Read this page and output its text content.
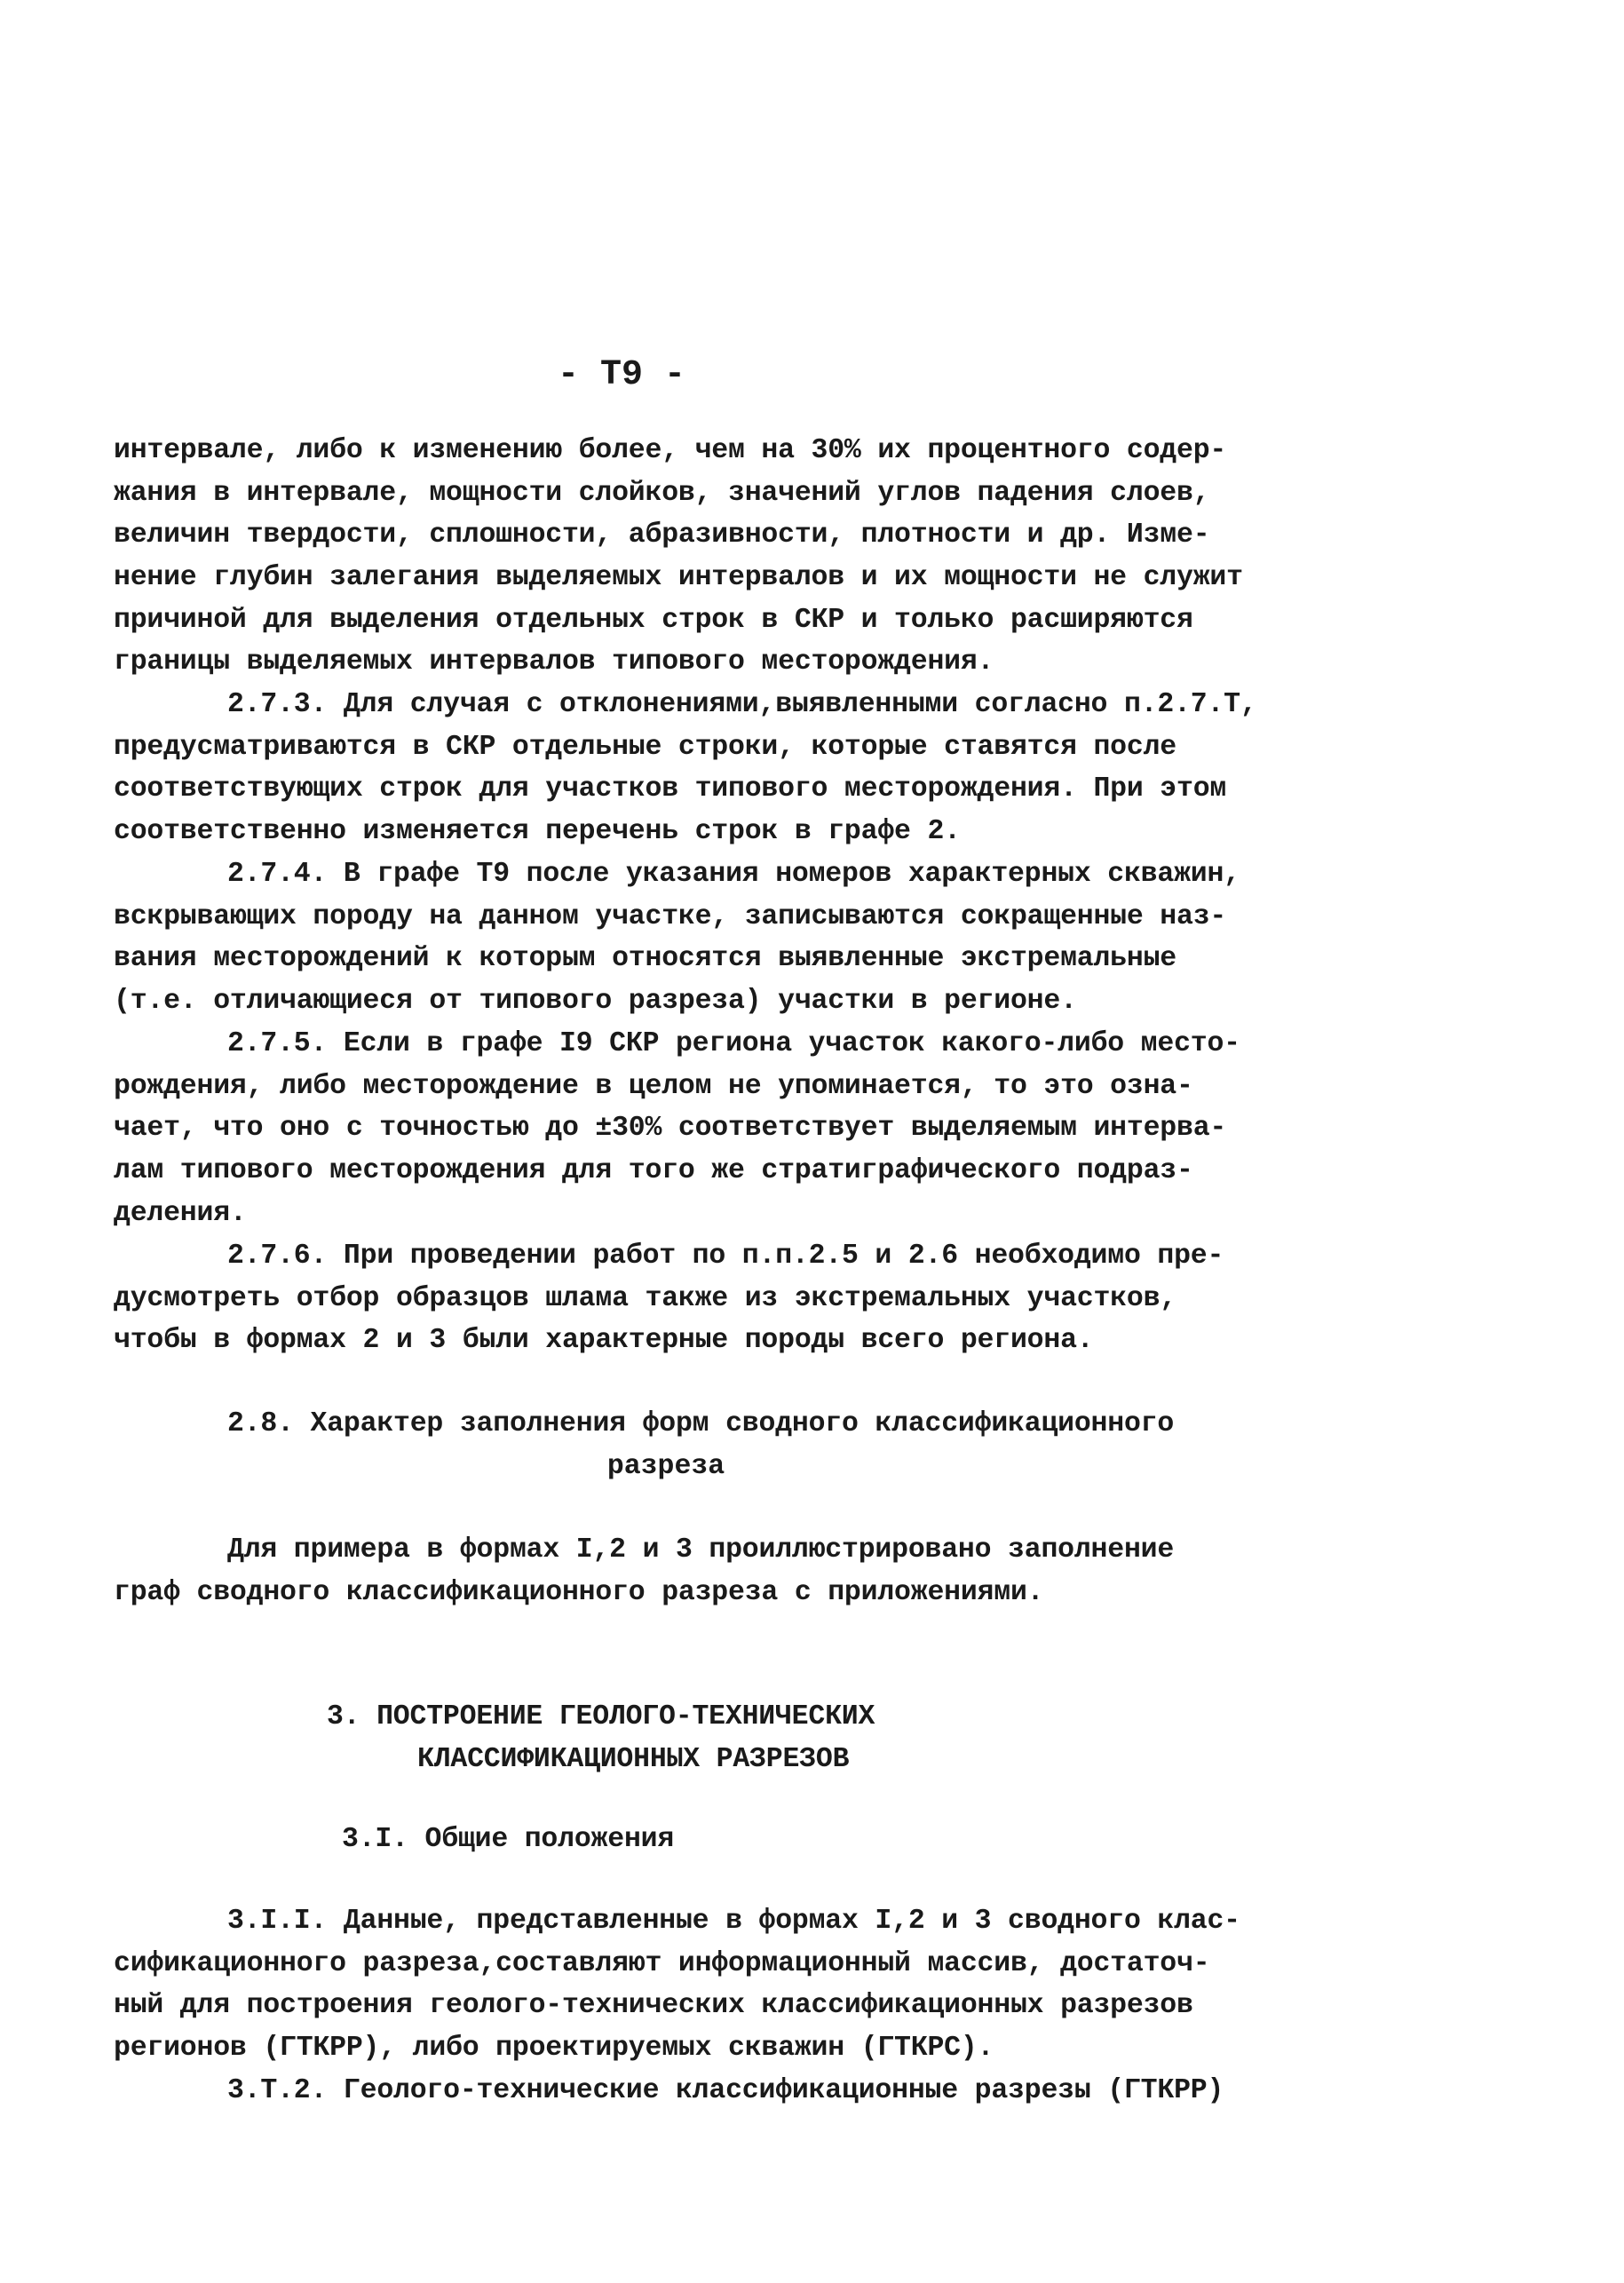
- Т9 -
интервале, либо к изменению более, чем на 30% их процентного содер-
жания в интервале, мощности слойков, значений углов падения слоев,
величин твердости, сплошности, абразивности, плотности и др. Изме-
нение глубин залегания выделяемых интервалов и их мощности не служит
причиной для выделения отдельных строк в СКР и только расширяются
границы выделяемых интервалов типового месторождения.
2.7.3. Для случая с отклонениями,выявленными согласно п.2.7.Т,
предусматриваются в СКР отдельные строки, которые ставятся после
соответствующих строк для участков типового месторождения. При этом
соответственно изменяется перечень строк в графе 2.
2.7.4. В графе Т9 после указания номеров характерных скважин,
вскрывающих породу на данном участке, записываются сокращенные наз-
вания месторождений к которым относятся выявленные экстремальные
(т.е. отличающиеся от типового разреза) участки в регионе.
2.7.5. Если в графе I9 СКР региона участок какого-либо место-
рождения, либо месторождение в целом не упоминается, то это озна-
чает, что оно с точностью до ±30% соответствует выделяемым интерва-
лам типового месторождения для того же стратиграфического подраз-
деления.
2.7.6. При проведении работ по п.п.2.5 и 2.6 необходимо пре-
дусмотреть отбор образцов шлама также из экстремальных участков,
чтобы в формах 2 и 3 были характерные породы всего региона.
2.8. Характер заполнения форм сводного классификационного
разреза
Для примера в формах I,2 и 3 проиллюстрировано заполнение
граф сводного классификационного разреза с приложениями.
3. ПОСТРОЕНИЕ ГЕОЛОГО-ТЕХНИЧЕСКИХ
КЛАССИФИКАЦИОННЫХ РАЗРЕЗОВ
3.I. Общие положения
3.I.I. Данные, представленные в формах I,2 и 3 сводного клас-
сификационного разреза,составляют информационный массив, достаточ-
ный для построения геолого-технических классификационных разрезов
регионов (ГТКРР), либо проектируемых скважин (ГТКРС).
3.Т.2. Геолого-технические классификационные разрезы (ГТКРР)
